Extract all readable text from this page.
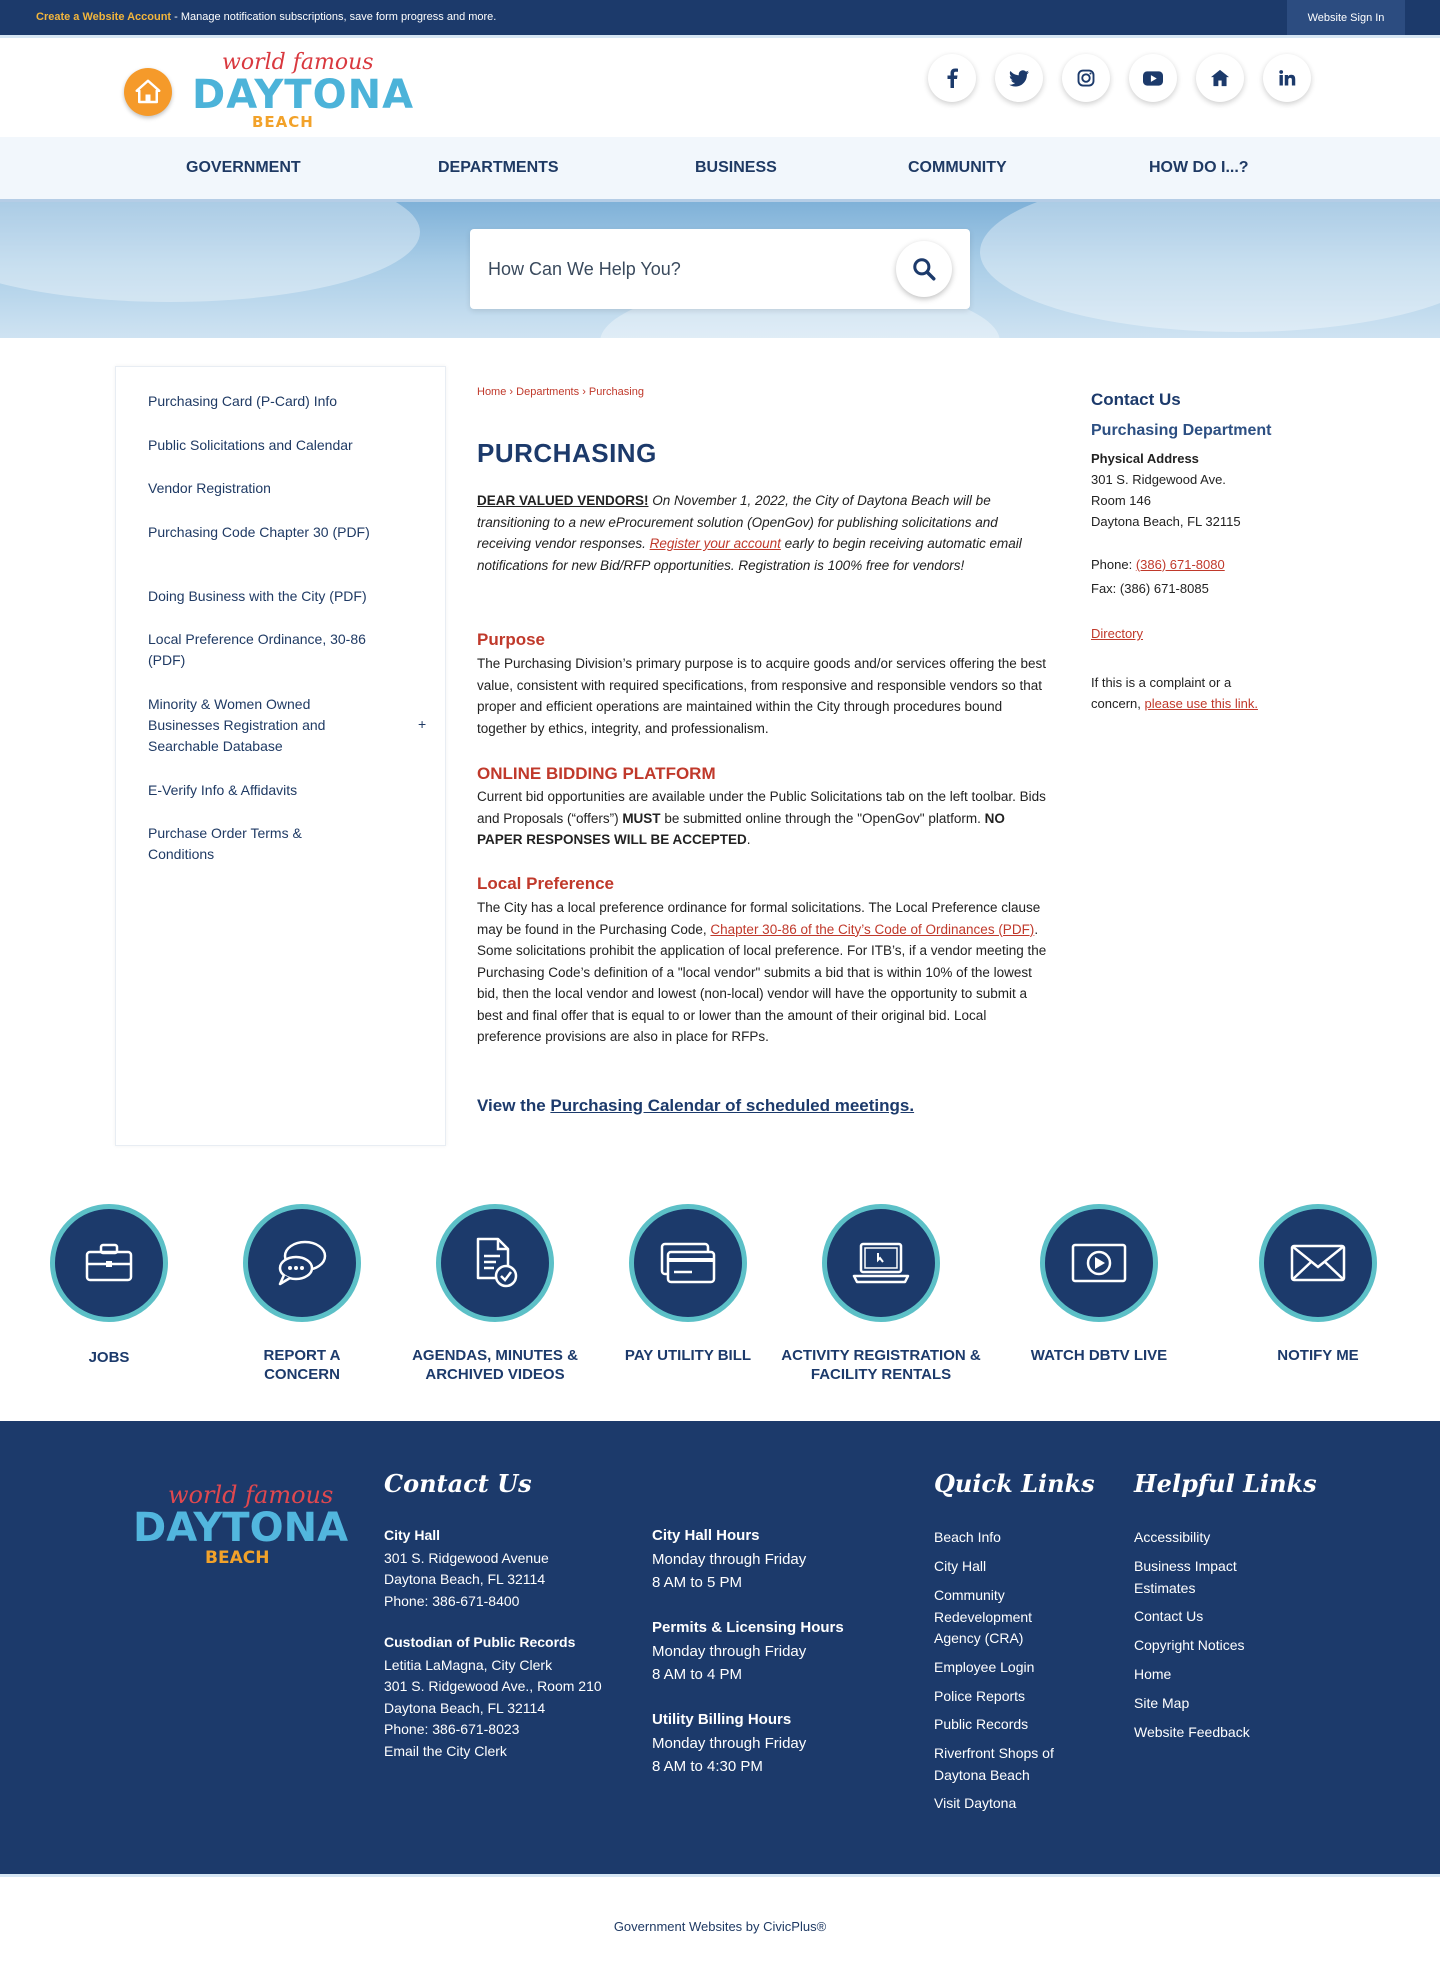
Create a Website Account - Manage notification subscriptions, save form progress and more.	Website Sign In
world famous
DAYTONA
BEACH
GOVERNMENT	DEPARTMENTS	BUSINESS	COMMUNITY	HOW DO I...?
How Can We Help You?
Purchasing Card (P-Card) Info
Public Solicitations and Calendar
Vendor Registration
Purchasing Code Chapter 30 (PDF)
Doing Business with the City (PDF)
Local Preference Ordinance, 30-86 (PDF)
Minority & Women Owned Businesses Registration and Searchable Database
+
E-Verify Info & Affidavits
Purchase Order Terms & Conditions
Home › Departments › Purchasing
PURCHASING

DEAR VALUED VENDORS! On November 1, 2022, the City of Daytona Beach will be transitioning to a new eProcurement solution (OpenGov) for publishing solicitations and receiving vendor responses. Register your account early to begin receiving automatic email notifications for new Bid/RFP opportunities. Registration is 100% free for vendors!

Purpose

The Purchasing Division’s primary purpose is to acquire goods and/or services offering the best value, consistent with required specifications, from responsive and responsible vendors so that proper and efficient operations are maintained within the City through procedures bound together by ethics, integrity, and professionalism.

ONLINE BIDDING PLATFORM

Current bid opportunities are available under the Public Solicitations tab on the left toolbar. Bids and Proposals (“offers”) MUST be submitted online through the "OpenGov" platform. NO PAPER RESPONSES WILL BE ACCEPTED.

Local Preference

The City has a local preference ordinance for formal solicitations. The Local Preference clause may be found in the Purchasing Code, Chapter 30-86 of the City’s Code of Ordinances (PDF). Some solicitations prohibit the application of local preference. For ITB’s, if a vendor meeting the Purchasing Code’s definition of a "local vendor" submits a bid that is within 10% of the lowest bid, then the local vendor and lowest (non-local) vendor will have the opportunity to submit a best and final offer that is equal to or lower than the amount of their original bid. Local preference provisions are also in place for RFPs.

View the Purchasing Calendar of scheduled meetings.
Contact Us
Purchasing Department
Physical Address
301 S. Ridgewood Ave.
Room 146
Daytona Beach, FL 32115
Phone: (386) 671-8080
Fax: (386) 671-8085
Directory
If this is a complaint or a
concern, please use this link.
JOBS	REPORT A CONCERN
AGENDAS, MINUTES & ARCHIVED VIDEOS
PAY UTILITY BILL	ACTIVITY REGISTRATION & FACILITY RENTALS
WATCH DBTV LIVE	NOTIFY ME
world famous
DAYTONA
BEACH
Contact Us
City Hall
301 S. Ridgewood Avenue
Daytona Beach, FL 32114
Phone: 386-671-8400
Custodian of Public Records
Letitia LaMagna, City Clerk
301 S. Ridgewood Ave., Room 210
Daytona Beach, FL 32114
Phone: 386-671-8023
Email the City Clerk
City Hall Hours
Monday through Friday
8 AM to 5 PM
Permits & Licensing Hours
Monday through Friday
8 AM to 4 PM
Utility Billing Hours
Monday through Friday
8 AM to 4:30 PM
Quick Links
Beach Info
City Hall
Community Redevelopment Agency (CRA)
Employee Login
Police Reports
Public Records
Riverfront Shops of Daytona Beach
Visit Daytona
Helpful Links
Accessibility
Business Impact Estimates
Contact Us
Copyright Notices
Home
Site Map
Website Feedback
Government Websites by CivicPlus®
